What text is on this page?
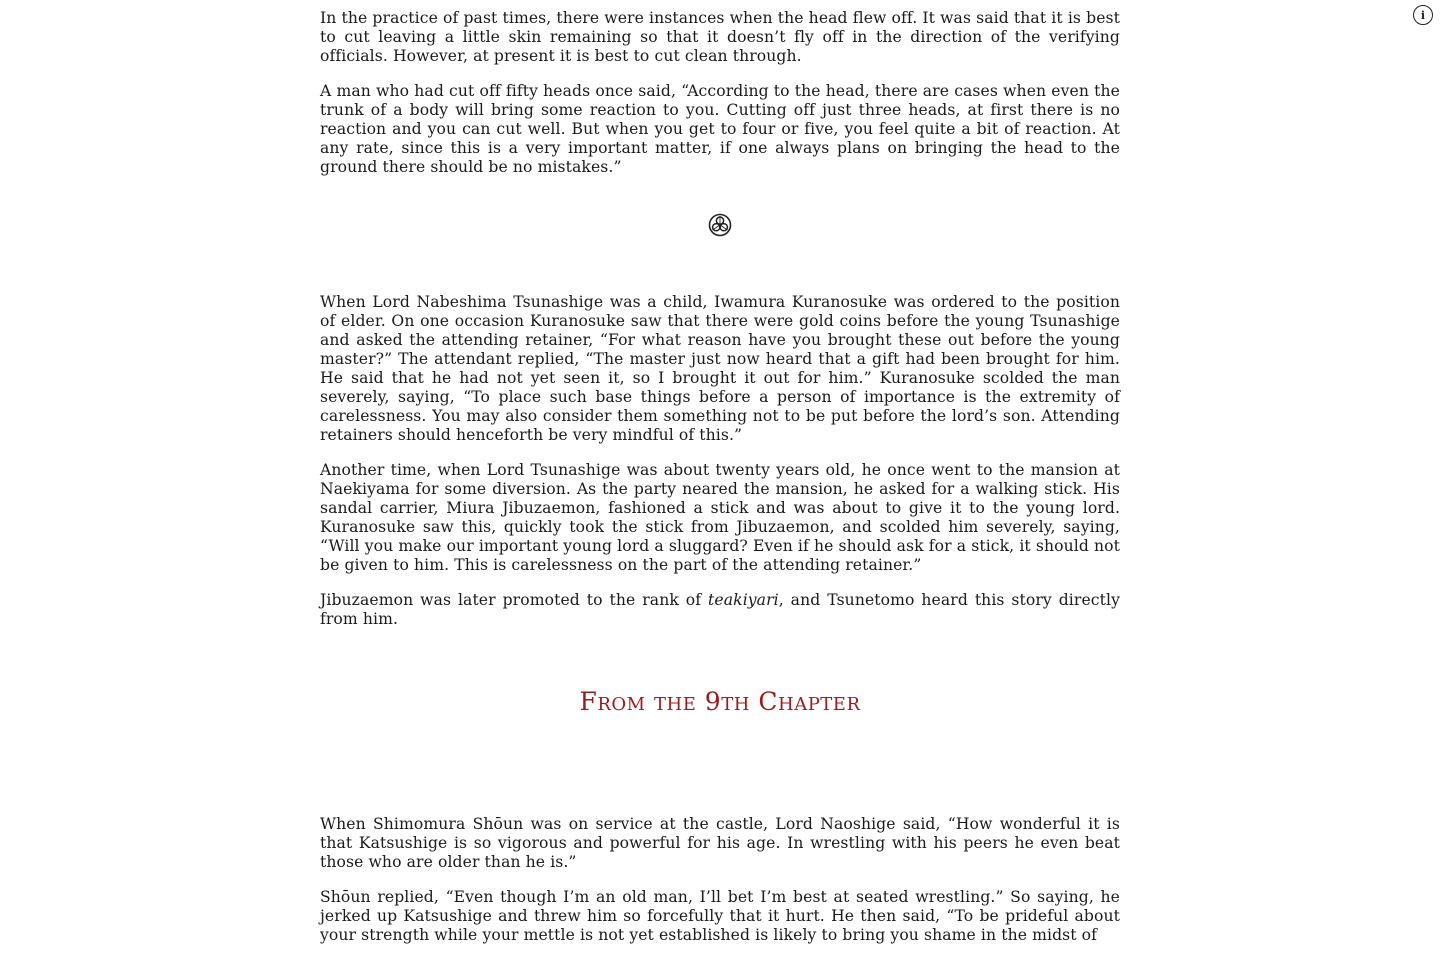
i

In the practice of past times, there were instances when the head flew off. It was said that it is best to cut leaving a little skin remaining so that it doesn’t fly off in the direction of the verifying officials. However, at present it is best to cut clean through.

A man who had cut off fifty heads once said, “According to the head, there are cases when even the trunk of a body will bring some reaction to you. Cutting off just three heads, at first there is no reaction and you can cut well. But when you get to four or five, you feel quite a bit of reaction. At any rate, since this is a very important matter, if one always plans on bringing the head to the ground there should be no mistakes.”

When Lord Nabeshima Tsunashige was a child, Iwamura Kuranosuke was ordered to the position of elder. On one occasion Kuranosuke saw that there were gold coins before the young Tsunashige and asked the attending retainer, “For what reason have you brought these out before the young master?” The attendant replied, “The master just now heard that a gift had been brought for him. He said that he had not yet seen it, so I brought it out for him.” Kuranosuke scolded the man severely, saying, “To place such base things before a person of importance is the extremity of carelessness. You may also consider them something not to be put before the lord’s son. Attending retainers should henceforth be very mindful of this.”

Another time, when Lord Tsunashige was about twenty years old, he once went to the mansion at Naekiyama for some diversion. As the party neared the mansion, he asked for a walking stick. His sandal carrier, Miura Jibuzaemon, fashioned a stick and was about to give it to the young lord. Kuranosuke saw this, quickly took the stick from Jibuzaemon, and scolded him severely, saying, “Will you make our important young lord a sluggard? Even if he should ask for a stick, it should not be given to him. This is carelessness on the part of the attending retainer.”

Jibuzaemon was later promoted to the rank of teakiyari, and Tsunetomo heard this story directly from him.

From the 9th Chapter

When Shimomura Shōun was on service at the castle, Lord Naoshige said, “How wonderful it is that Katsushige is so vigorous and powerful for his age. In wrestling with his peers he even beat those who are older than he is.”

Shōun replied, “Even though I’m an old man, I’ll bet I’m best at seated wrestling.” So saying, he jerked up Katsushige and threw him so forcefully that it hurt. He then said, “To be prideful about your strength while your mettle is not yet established is likely to bring you shame in the midst of
